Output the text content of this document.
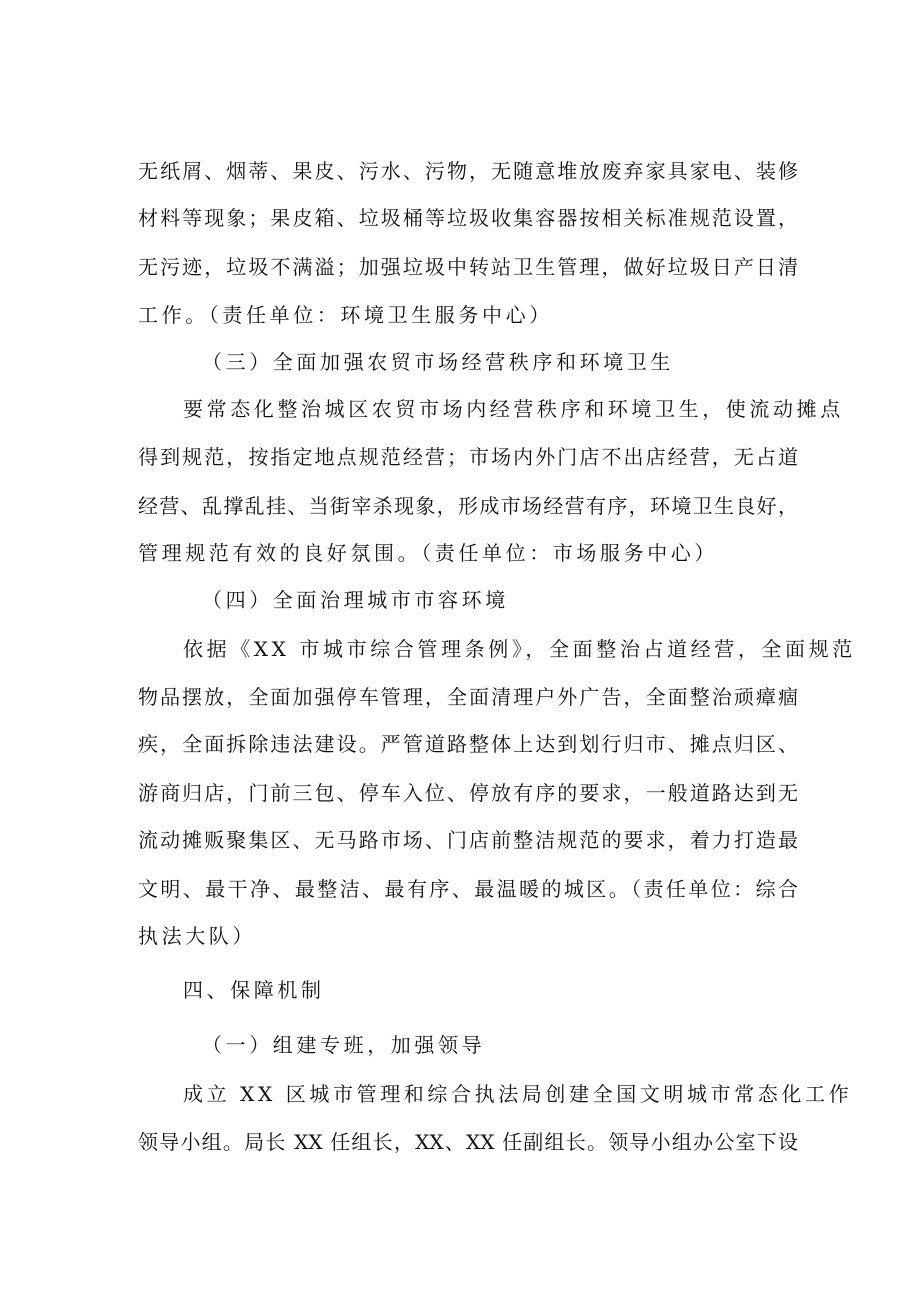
无纸屑、烟蒂、果皮、污水、污物，无随意堆放废弃家具家电、装修
材料等现象；果皮箱、垃圾桶等垃圾收集容器按相关标准规范设置，
无污迹，垃圾不满溢；加强垃圾中转站卫生管理，做好垃圾日产日清
工作。（责任单位：环境卫生服务中心）
（三）全面加强农贸市场经营秩序和环境卫生
要常态化整治城区农贸市场内经营秩序和环境卫生，使流动摊点
得到规范，按指定地点规范经营；市场内外门店不出店经营，无占道
经营、乱撑乱挂、当街宰杀现象，形成市场经营有序，环境卫生良好，
管理规范有效的良好氛围。（责任单位：市场服务中心）
（四）全面治理城市市容环境
依据《XX 市城市综合管理条例》，全面整治占道经营，全面规范
物品摆放，全面加强停车管理，全面清理户外广告，全面整治顽瘴痼
疾，全面拆除违法建设。严管道路整体上达到划行归市、摊点归区、
游商归店，门前三包、停车入位、停放有序的要求，一般道路达到无
流动摊贩聚集区、无马路市场、门店前整洁规范的要求，着力打造最
文明、最干净、最整洁、最有序、最温暖的城区。（责任单位：综合
执法大队）
四、保障机制
（一）组建专班，加强领导
成立 XX 区城市管理和综合执法局创建全国文明城市常态化工作
领导小组。局长 XX 任组长，XX、XX 任副组长。领导小组办公室下设
